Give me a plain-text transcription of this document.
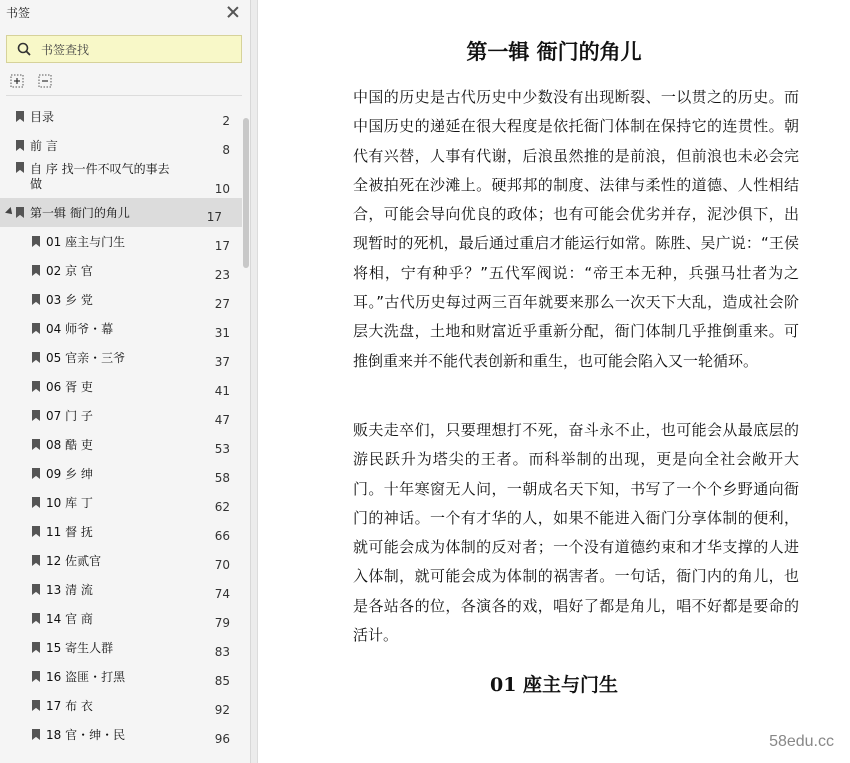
书签
书签查找
目录	2
前 言	8
自 序 找一件不叹气的事去做	10
第一辑 衙门的角儿	17
01 座主与门生	17
02 京 官	23
03 乡 党	27
04 师爷・幕	31
05 官亲・三爷	37
06 胥 吏	41
07 门 子	47
08 酷 吏	53
09 乡 绅	58
10 库 丁	62
11 督 抚	66
12 佐贰官	70
13 清 流	74
14 官 商	79
15 寄生人群	83
16 盗匪・打黑	85
17 布 衣	92
18 官・绅・民	96
第一辑 衙门的角儿

中国的历史是古代历史中少数没有出现断裂、一以贯之的历史。而中国历史的递延在很大程度是依托衙门体制在保持它的连贯性。朝代有兴替，人事有代谢，后浪虽然推的是前浪，但前浪也未必会完全被拍死在沙滩上。硬邦邦的制度、法律与柔性的道德、人性相结合，可能会导向优良的政体；也有可能会优劣并存，泥沙俱下，出现暂时的死机，最后通过重启才能运行如常。陈胜、吴广说：“王侯将相，宁有种乎？”五代军阀说：“帝王本无种，兵强马壮者为之耳。”古代历史每过两三百年就要来那么一次天下大乱，造成社会阶层大洗盘，土地和财富近乎重新分配，衙门体制几乎推倒重来。可推倒重来并不能代表创新和重生，也可能会陷入又一轮循环。

贩夫走卒们，只要理想打不死，奋斗永不止，也可能会从最底层的游民跃升为塔尖的王者。而科举制的出现，更是向全社会敞开大门。十年寒窗无人问，一朝成名天下知，书写了一个个乡野通向衙门的神话。一个有才华的人，如果不能进入衙门分享体制的便利，就可能会成为体制的反对者；一个没有道德约束和才华支撑的人进入体制，就可能会成为体制的祸害者。一句话，衙门内的角儿，也是各站各的位，各演各的戏，唱好了都是角儿，唱不好都是要命的活计。

01 座主与门生
58edu.cc
